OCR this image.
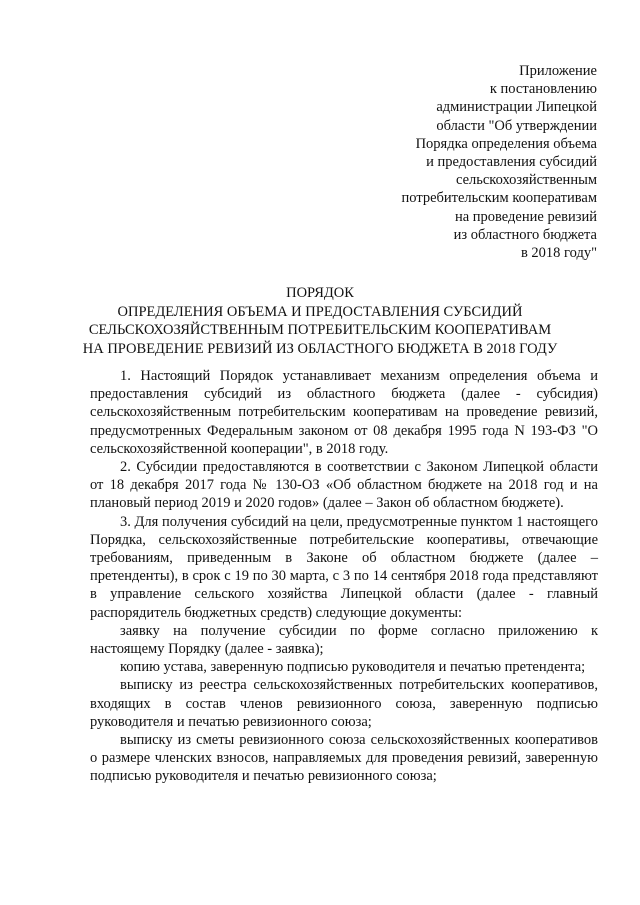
Приложение
к постановлению
администрации Липецкой
области "Об утверждении
Порядка определения объема
и предоставления субсидий
сельскохозяйственным
потребительским кооперативам
на проведение ревизий
из областного бюджета
в 2018 году"
ПОРЯДОК
ОПРЕДЕЛЕНИЯ ОБЪЕМА И ПРЕДОСТАВЛЕНИЯ СУБСИДИЙ
СЕЛЬСКОХОЗЯЙСТВЕННЫМ ПОТРЕБИТЕЛЬСКИМ КООПЕРАТИВАМ
НА ПРОВЕДЕНИЕ РЕВИЗИЙ ИЗ ОБЛАСТНОГО БЮДЖЕТА В 2018 ГОДУ

1. Настоящий Порядок устанавливает механизм определения объема и предоставления субсидий из областного бюджета (далее - субсидия) сельскохозяйственным потребительским кооперативам на проведение ревизий, предусмотренных Федеральным законом от 08 декабря 1995 года N 193-ФЗ "О сельскохозяйственной кооперации", в 2018 году.

2. Субсидии предоставляются в соответствии с Законом Липецкой области от 18 декабря 2017 года № 130-ОЗ «Об областном бюджете на 2018 год и на плановый период 2019 и 2020 годов» (далее – Закон об областном бюджете).

3. Для получения субсидий на цели, предусмотренные пунктом 1 настоящего Порядка, сельскохозяйственные потребительские кооперативы, отвечающие требованиям, приведенным в Законе об областном бюджете (далее – претенденты), в срок с 19 по 30 марта, с 3 по 14 сентября 2018 года представляют в управление сельского хозяйства Липецкой области (далее - главный распорядитель бюджетных средств) следующие документы:

заявку на получение субсидии по форме согласно приложению к настоящему Порядку (далее - заявка);

копию устава, заверенную подписью руководителя и печатью претендента;

выписку из реестра сельскохозяйственных потребительских кооперативов, входящих в состав членов ревизионного союза, заверенную подписью руководителя и печатью ревизионного союза;

выписку из сметы ревизионного союза сельскохозяйственных кооперативов о размере членских взносов, направляемых для проведения ревизий, заверенную подписью руководителя и печатью ревизионного союза;
